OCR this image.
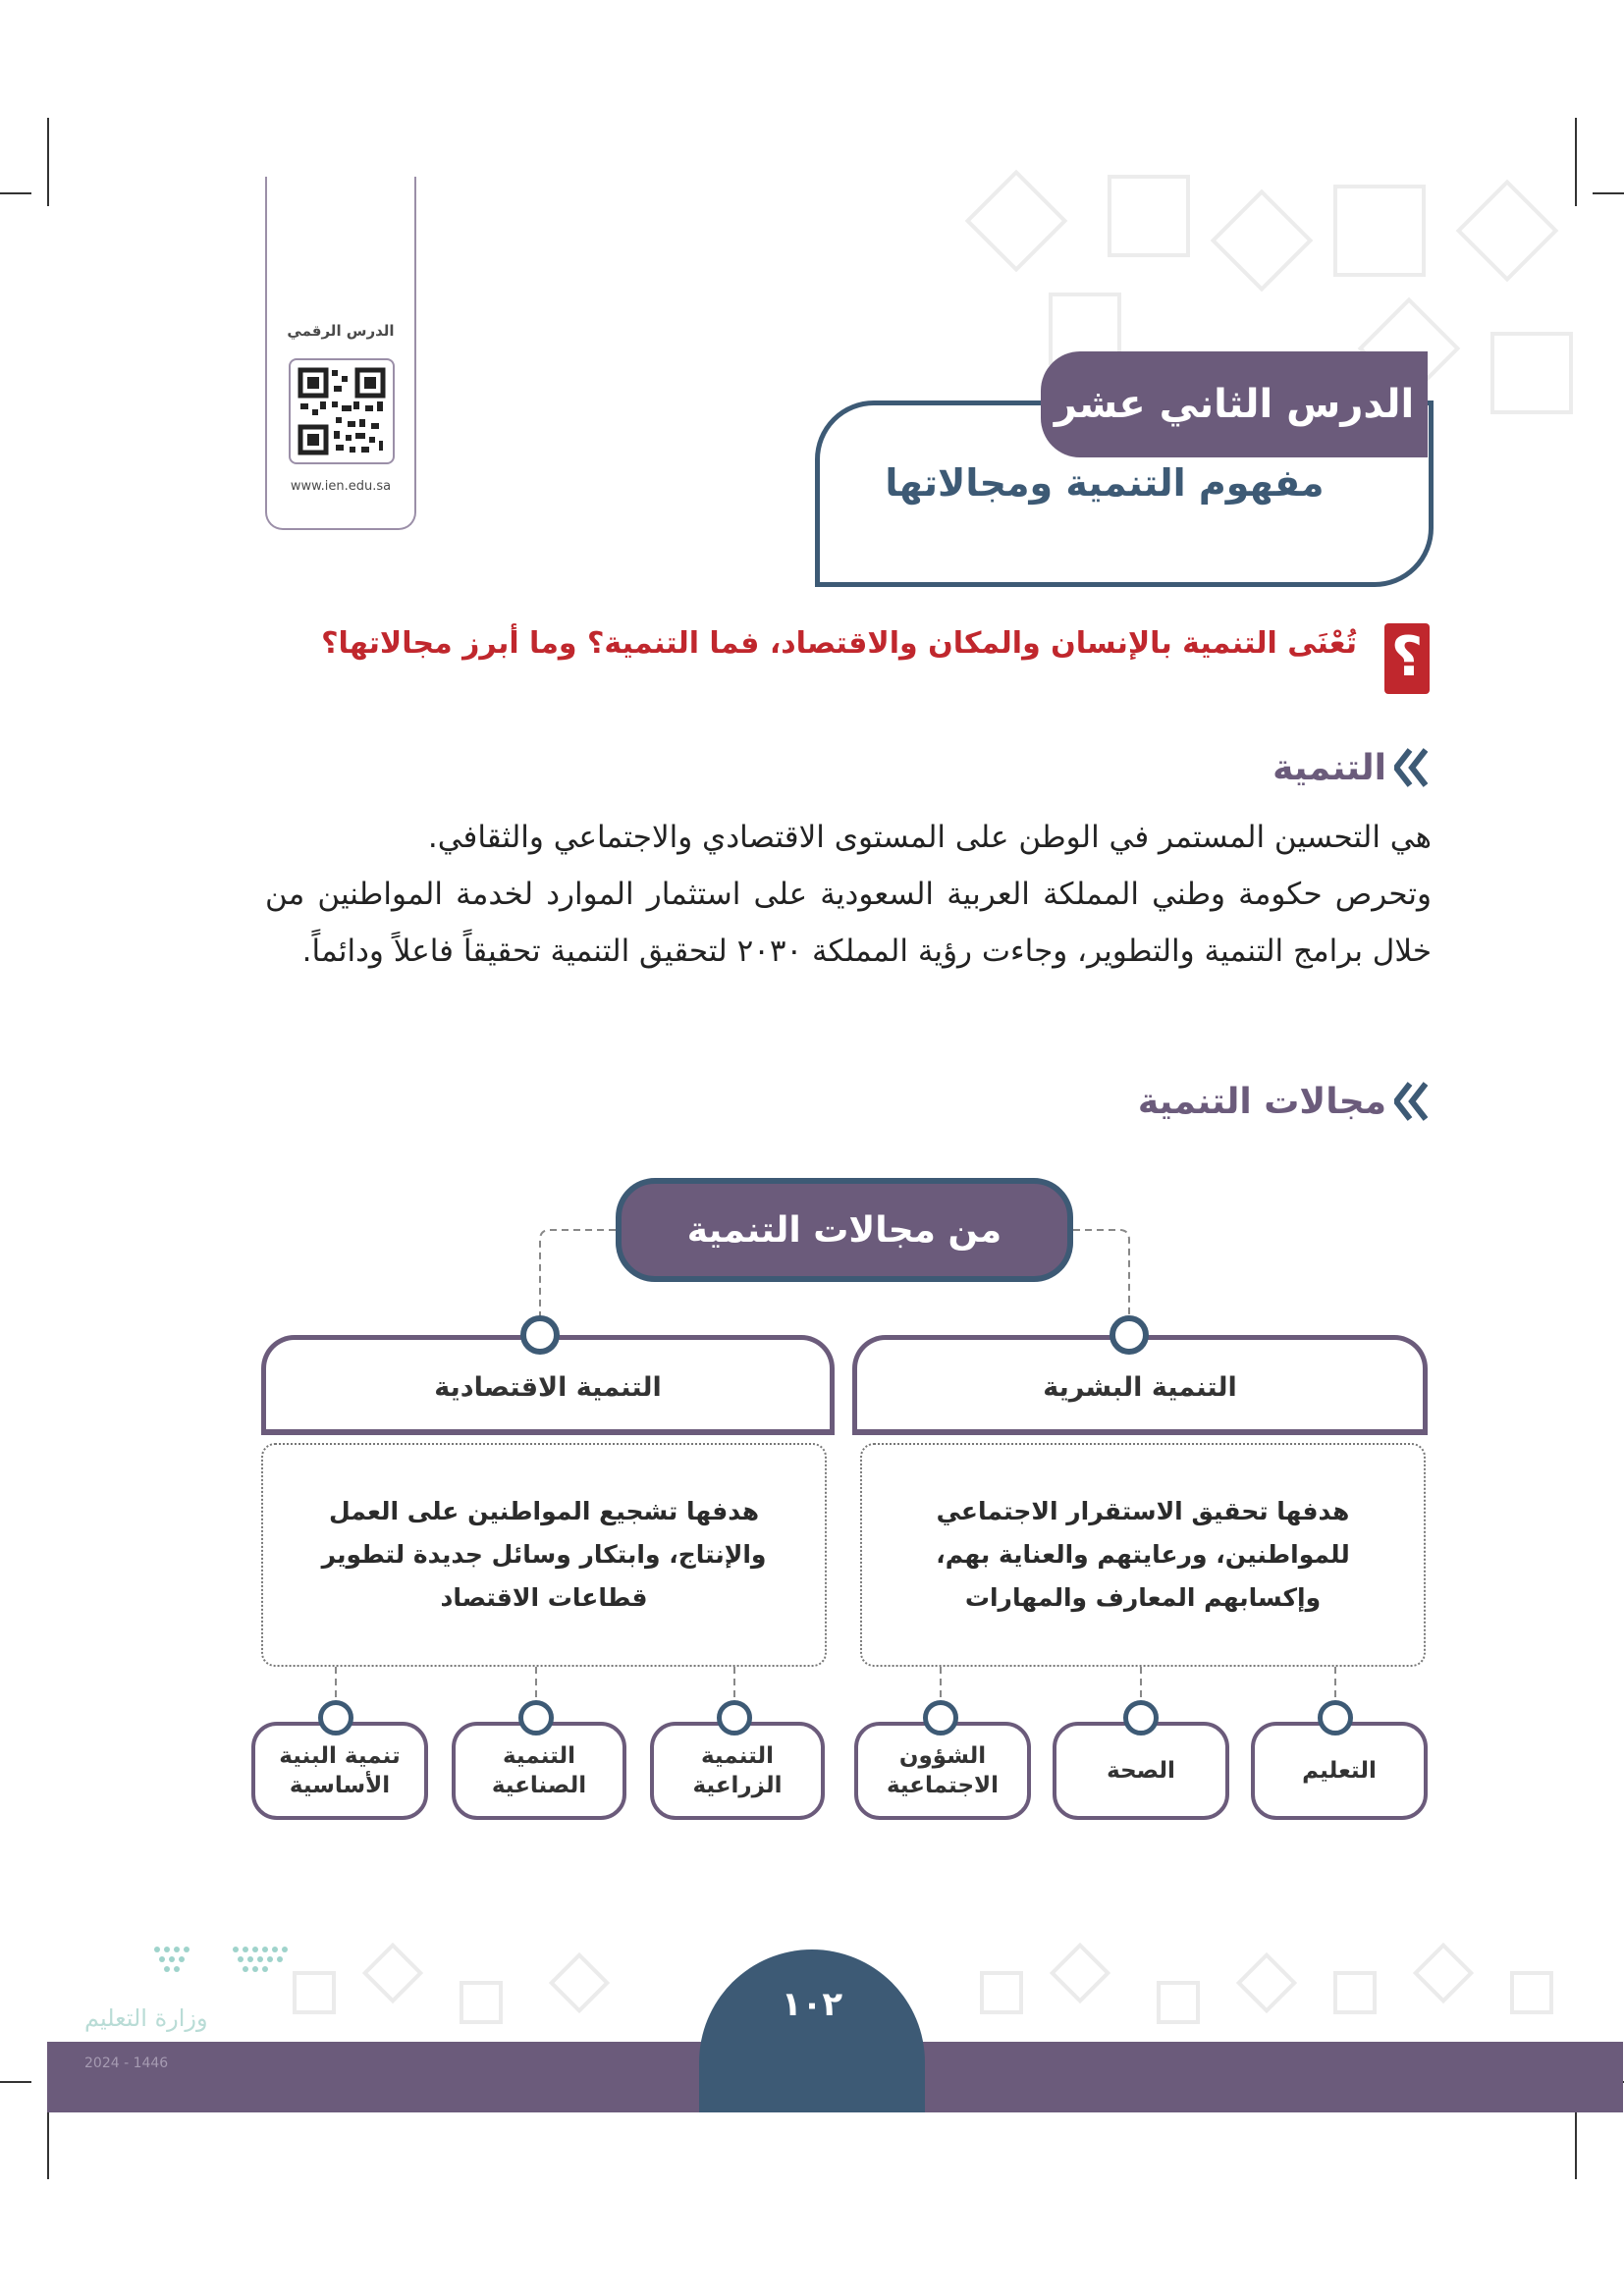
الدرس الرقمي
www.ien.edu.sa
الدرس الثاني عشر
مفهوم التنمية ومجالاتها
؟
تُعْنَى التنمية بالإنسان والمكان والاقتصاد، فما التنمية؟ وما أبرز مجالاتها؟
التنمية
هي التحسين المستمر في الوطن على المستوى الاقتصادي والاجتماعي والثقافي.
وتحرص حكومة وطني المملكة العربية السعودية على استثمار الموارد لخدمة المواطنين من خلال برامج التنمية والتطوير، وجاءت رؤية المملكة ٢٠٣٠ لتحقيق التنمية تحقيقاً فاعلاً ودائماً.
مجالات التنمية
من مجالات التنمية
التنمية البشرية
هدفها تحقيق الاستقرار الاجتماعي للمواطنين، ورعايتهم والعناية بهم، وإكسابهم المعارف والمهارات
التنمية الاقتصادية
هدفها تشجيع المواطنين على العمل والإنتاج، وابتكار وسائل جديدة لتطوير قطاعات الاقتصاد
التعليم
الصحة
الشؤون الاجتماعية
التنمية الزراعية
التنمية الصناعية
تنمية البنية الأساسية
١٠٢
وزارة التعليم
2024 - 1446
